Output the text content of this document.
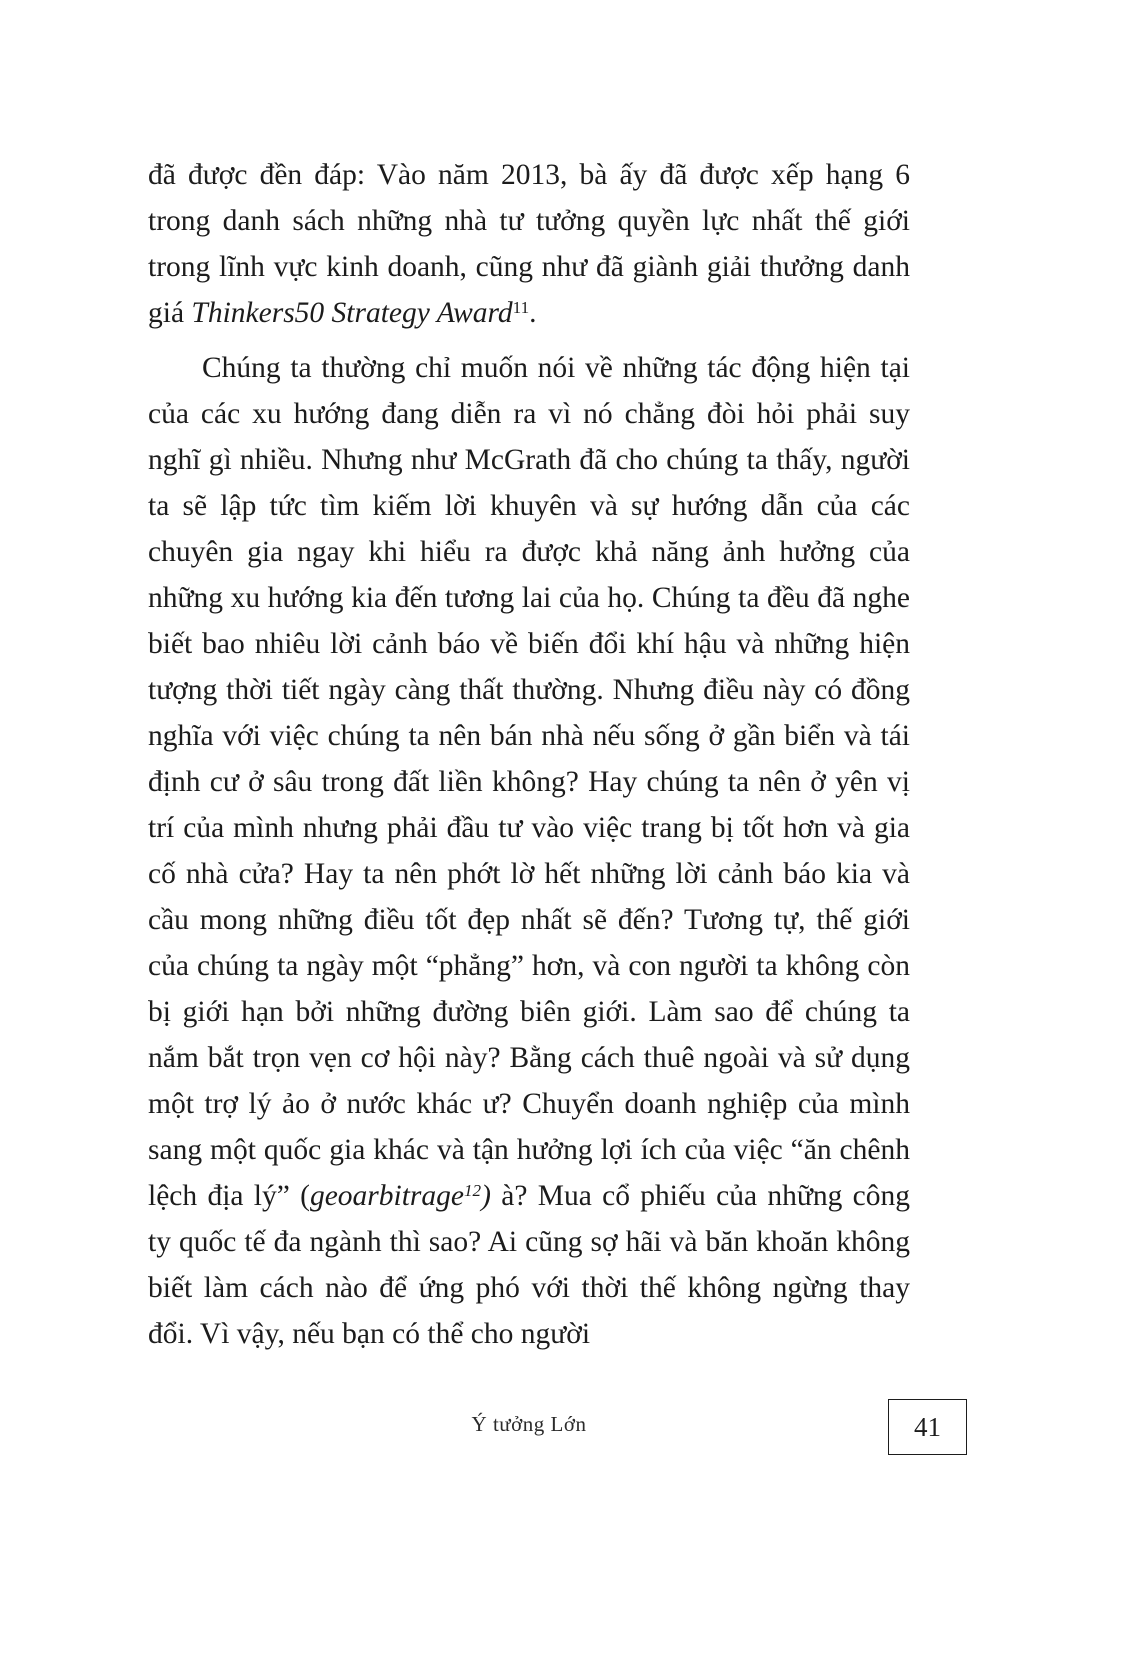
đã được đền đáp: Vào năm 2013, bà ấy đã được xếp hạng 6 trong danh sách những nhà tư tưởng quyền lực nhất thế giới trong lĩnh vực kinh doanh, cũng như đã giành giải thưởng danh giá Thinkers50 Strategy Award$^{11}$.

Chúng ta thường chỉ muốn nói về những tác động hiện tại của các xu hướng đang diễn ra vì nó chẳng đòi hỏi phải suy nghĩ gì nhiều. Nhưng như McGrath đã cho chúng ta thấy, người ta sẽ lập tức tìm kiếm lời khuyên và sự hướng dẫn của các chuyên gia ngay khi hiểu ra được khả năng ảnh hưởng của những xu hướng kia đến tương lai của họ. Chúng ta đều đã nghe biết bao nhiêu lời cảnh báo về biến đổi khí hậu và những hiện tượng thời tiết ngày càng thất thường. Nhưng điều này có đồng nghĩa với việc chúng ta nên bán nhà nếu sống ở gần biển và tái định cư ở sâu trong đất liền không? Hay chúng ta nên ở yên vị trí của mình nhưng phải đầu tư vào việc trang bị tốt hơn và gia cố nhà cửa? Hay ta nên phớt lờ hết những lời cảnh báo kia và cầu mong những điều tốt đẹp nhất sẽ đến? Tương tự, thế giới của chúng ta ngày một “phẳng” hơn, và con người ta không còn bị giới hạn bởi những đường biên giới. Làm sao để chúng ta nắm bắt trọn vẹn cơ hội này? Bằng cách thuê ngoài và sử dụng một trợ lý ảo ở nước khác ư? Chuyển doanh nghiệp của mình sang một quốc gia khác và tận hưởng lợi ích của việc “ăn chênh lệch địa lý” (geoarbitrage$^{12}$) à? Mua cổ phiếu của những công ty quốc tế đa ngành thì sao? Ai cũng sợ hãi và băn khoăn không biết làm cách nào để ứng phó với thời thế không ngừng thay đổi. Vì vậy, nếu bạn có thể cho người

Ý tưởng Lớn	41
